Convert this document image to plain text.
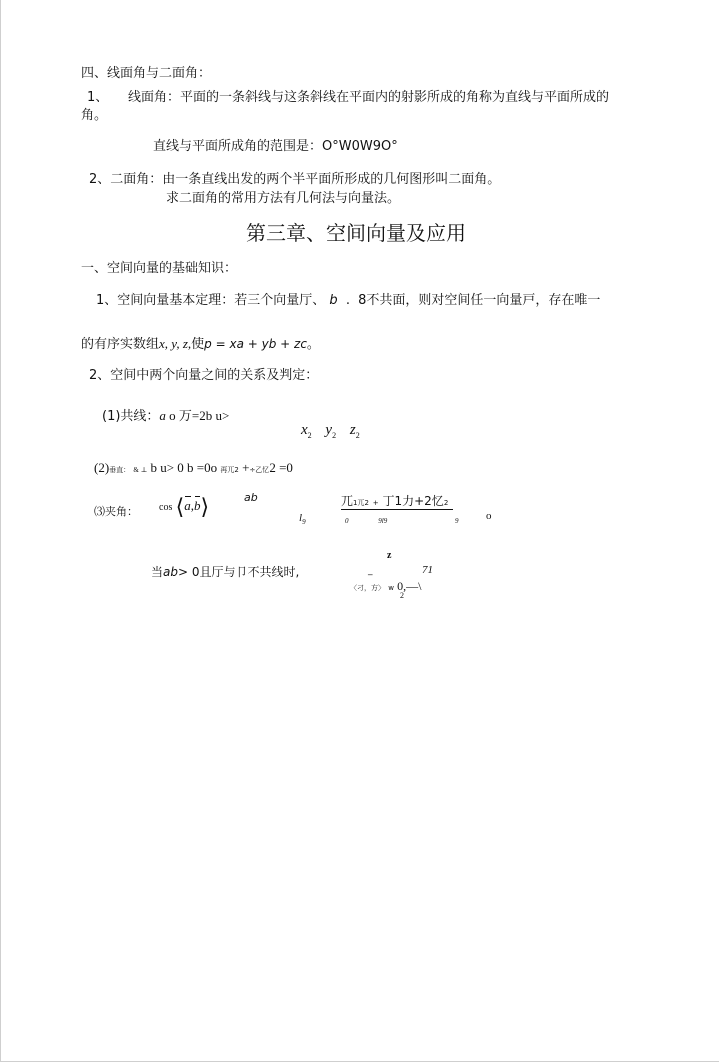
四、线面角与二面角：
1、 线面角：平面的一条斜线与这条斜线在平面内的射影所成的角称为直线与平面所成的
角。
直线与平面所成角的范围是：O°W0W9O°
2、二面角：由一条直线出发的两个半平面所形成的几何图形叫二面角。
求二面角的常用方法有几何法与向量法。
第三章、空间向量及应用
一、空间向量的基础知识：
1、空间向量基本定理：若三个向量厅、 b . 8不共面，则对空间任一向量戸，存在唯一
的有序实数组x, y, z,使p = xa + yb + zc。
2、空间中两个向量之间的关系及判定：
(1)共线：a o 万=2b u>
$x_2$ $y_2$ $z_2$
(2)垂直： & ⊥ b u> 0 b =0o 再兀2 +÷乙忆2 =0
⑶夹角： cos ⟨a,b⟩	ab
$l_9$
兀1兀2 + 丁1力+2忆2
0	9l9	9	o
当ab> 0且厅与卩不共线时,
z
_	71
〈刁，方〉 w 0,—\
2
